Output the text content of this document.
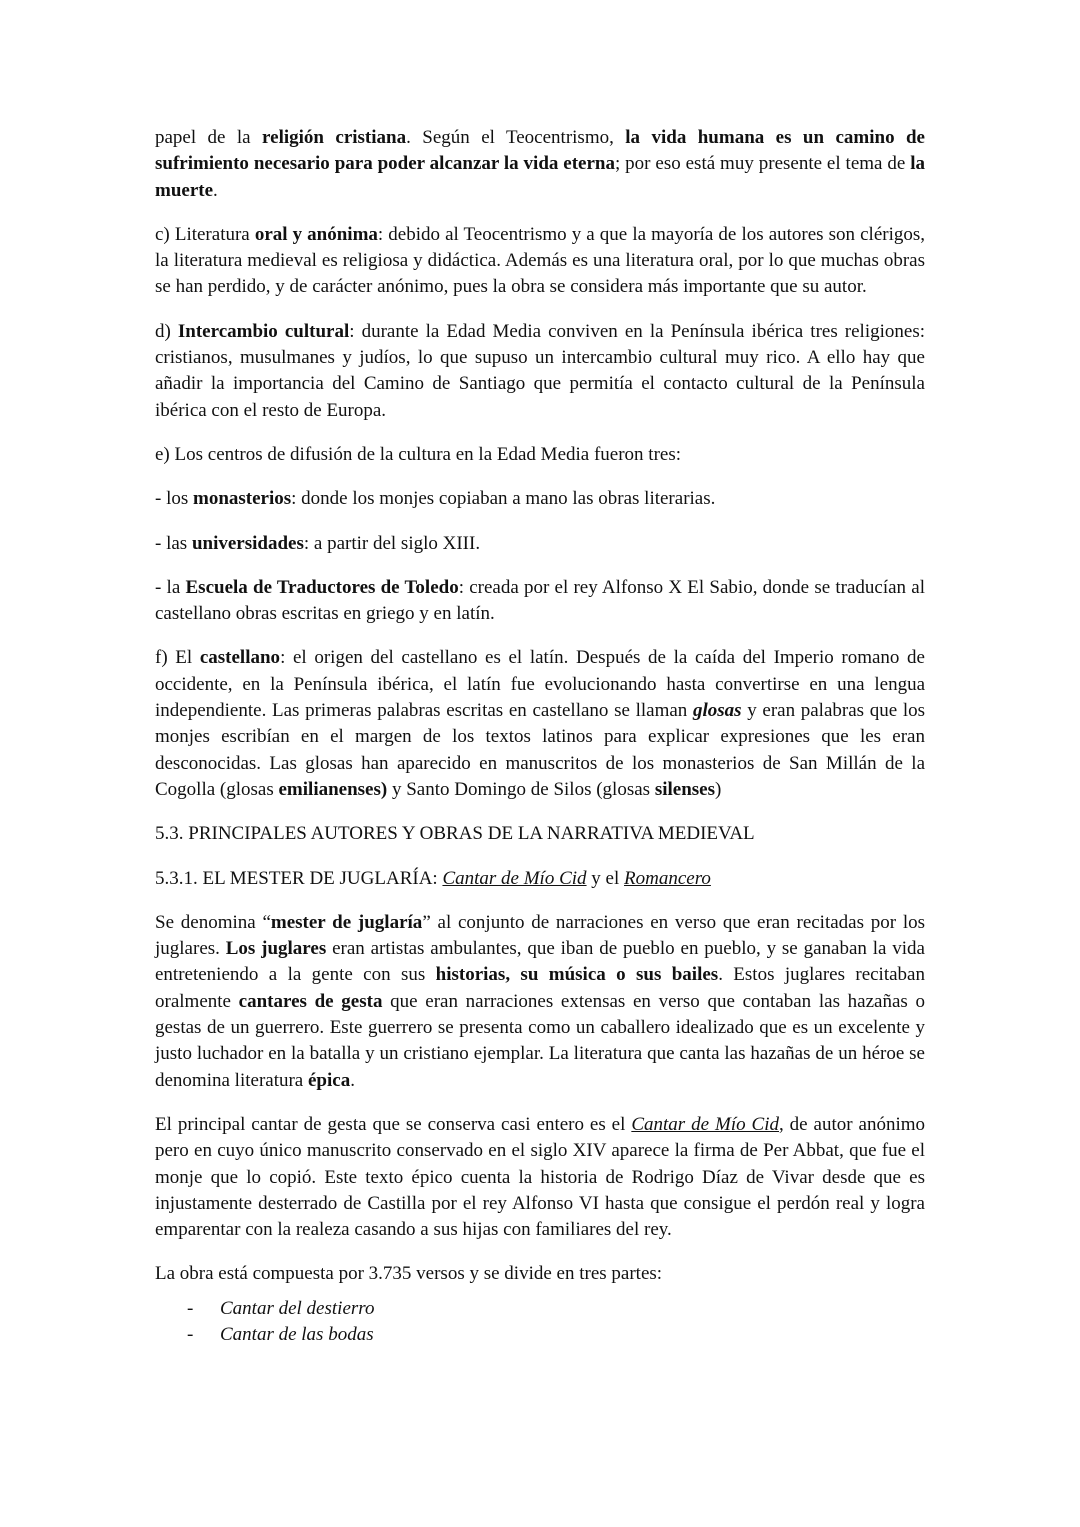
papel de la religión cristiana. Según el Teocentrismo, la vida humana es un camino de sufrimiento necesario para poder alcanzar la vida eterna; por eso está muy presente el tema de la muerte.

c) Literatura oral y anónima: debido al Teocentrismo y a que la mayoría de los autores son clérigos, la literatura medieval es religiosa y didáctica. Además es una literatura oral, por lo que muchas obras se han perdido, y de carácter anónimo, pues la obra se considera más importante que su autor.

d) Intercambio cultural: durante la Edad Media conviven en la Península ibérica tres religiones: cristianos, musulmanes y judíos, lo que supuso un intercambio cultural muy rico. A ello hay que añadir la importancia del Camino de Santiago que permitía el contacto cultural de la Península ibérica con el resto de Europa.

e) Los centros de difusión de la cultura en la Edad Media fueron tres:

- los monasterios: donde los monjes copiaban a mano las obras literarias.

- las universidades: a partir del siglo XIII.

- la Escuela de Traductores de Toledo: creada por el rey Alfonso X El Sabio, donde se traducían al castellano obras escritas en griego y en latín.

f) El castellano: el origen del castellano es el latín. Después de la caída del Imperio romano de occidente, en la Península ibérica, el latín fue evolucionando hasta convertirse en una lengua independiente. Las primeras palabras escritas en castellano se llaman glosas y eran palabras que los monjes escribían en el margen de los textos latinos para explicar expresiones que les eran desconocidas. Las glosas han aparecido en manuscritos de los monasterios de San Millán de la Cogolla (glosas emilianenses) y Santo Domingo de Silos (glosas silenses)

5.3. PRINCIPALES AUTORES Y OBRAS DE LA NARRATIVA MEDIEVAL

5.3.1. EL MESTER DE JUGLARÍA: Cantar de Mío Cid y el Romancero

Se denomina “mester de juglaría” al conjunto de narraciones en verso que eran recitadas por los juglares. Los juglares eran artistas ambulantes, que iban de pueblo en pueblo, y se ganaban la vida entreteniendo a la gente con sus historias, su música o sus bailes. Estos juglares recitaban oralmente cantares de gesta que eran narraciones extensas en verso que contaban las hazañas o gestas de un guerrero. Este guerrero se presenta como un caballero idealizado que es un excelente y justo luchador en la batalla y un cristiano ejemplar. La literatura que canta las hazañas de un héroe se denomina literatura épica.

El principal cantar de gesta que se conserva casi entero es el Cantar de Mío Cid, de autor anónimo pero en cuyo único manuscrito conservado en el siglo XIV aparece la firma de Per Abbat, que fue el monje que lo copió. Este texto épico cuenta la historia de Rodrigo Díaz de Vivar desde que es injustamente desterrado de Castilla por el rey Alfonso VI hasta que consigue el perdón real y logra emparentar con la realeza casando a sus hijas con familiares del rey.

La obra está compuesta por 3.735 versos y se divide en tres partes:

- Cantar del destierro
- Cantar de las bodas
